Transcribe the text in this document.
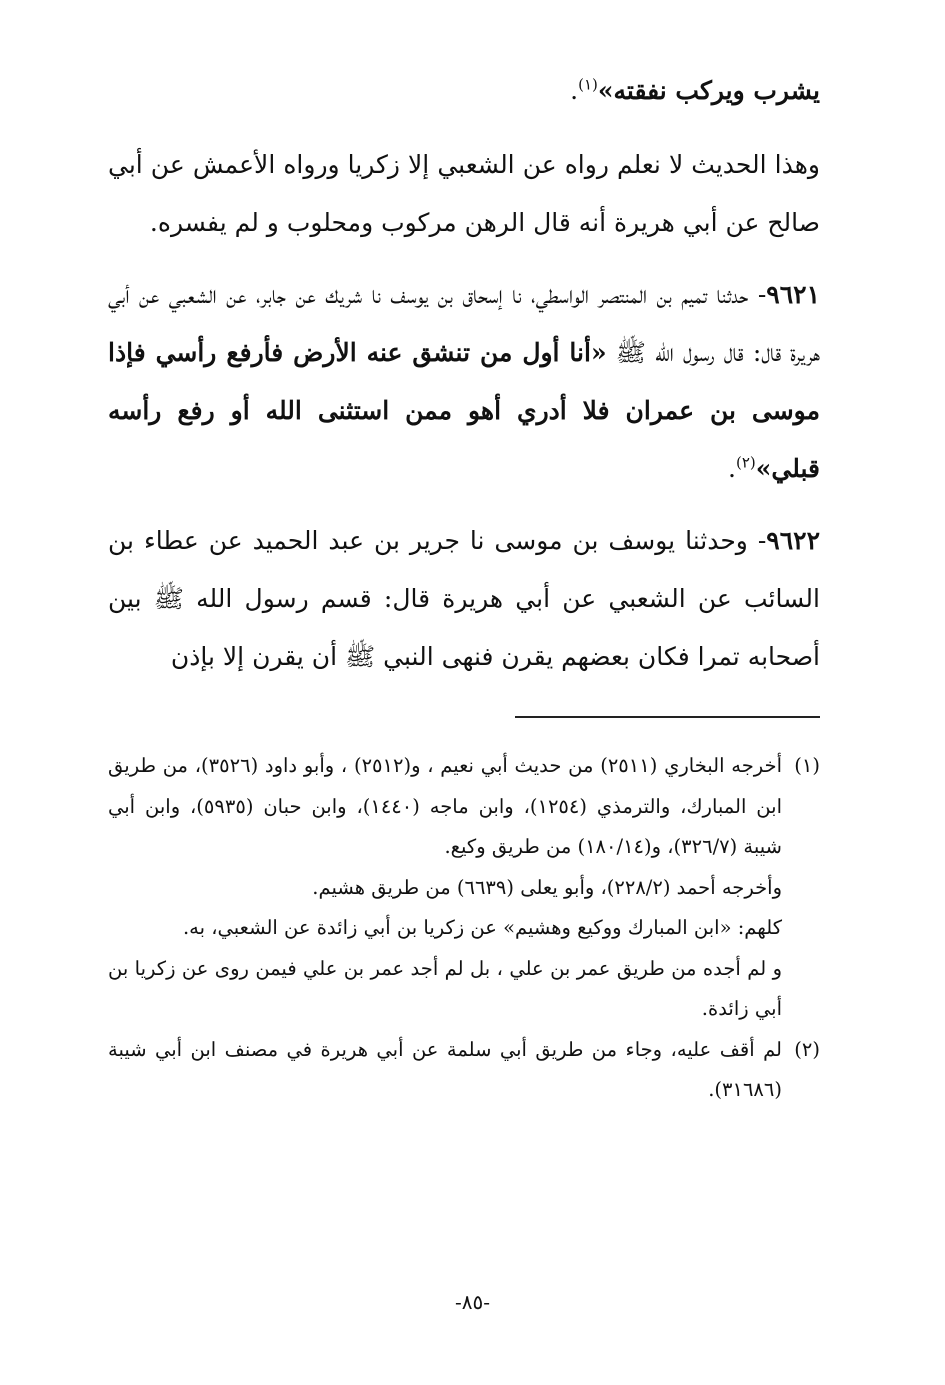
يشرب ويركب نفقته»$^{(١)}$.

وهذا الحديث لا نعلم رواه عن الشعبي إلا زكريا ورواه الأعمش عن أبي صالح عن أبي هريرة أنه قال الرهن مركوب ومحلوب و لم يفسره.

٩٦٢١- حدثنا تميم بن المنتصر الواسطي، نا إسحاق بن يوسف نا شريك عن جابر، عن الشعبي عن أبي هريرة قال: قال رسول الله ﷺ «أنا أول من تنشق عنه الأرض فأرفع رأسي فإذا موسى بن عمران فلا أدري أهو ممن استثنى الله أو رفع رأسه قبلي»$^{(٢)}$.

٩٦٢٢- وحدثنا يوسف بن موسى نا جرير بن عبد الحميد عن عطاء بن السائب عن الشعبي عن أبي هريرة قال: قسم رسول الله ﷺ بين أصحابه تمرا فكان بعضهم يقرن فنهى النبي ﷺ أن يقرن إلا بإذن

(١)

أخرجه البخاري (٢٥١١) من حديث أبي نعيم ، و(٢٥١٢) ، وأبو داود (٣٥٢٦)، من طريق ابن المبارك، والترمذي (١٢٥٤)، وابن ماجه (١٤٤٠)، وابن حبان (٥٩٣٥)، وابن أبي شيبة (٣٢٦/٧)، و(١٨٠/١٤) من طريق وكيع.

وأخرجه أحمد (٢٢٨/٢)، وأبو يعلى (٦٦٣٩) من طريق هشيم.

كلهم: «ابن المبارك ووكيع وهشيم» عن زكريا بن أبي زائدة عن الشعبي، به.

و لم أجده من طريق عمر بن علي ، بل لم أجد عمر بن علي فيمن روى عن زكريا بن أبي زائدة.

(٢)

لم أقف عليه، وجاء من طريق أبي سلمة عن أبي هريرة في مصنف ابن أبي شيبة (٣١٦٨٦).

-٨٥-
